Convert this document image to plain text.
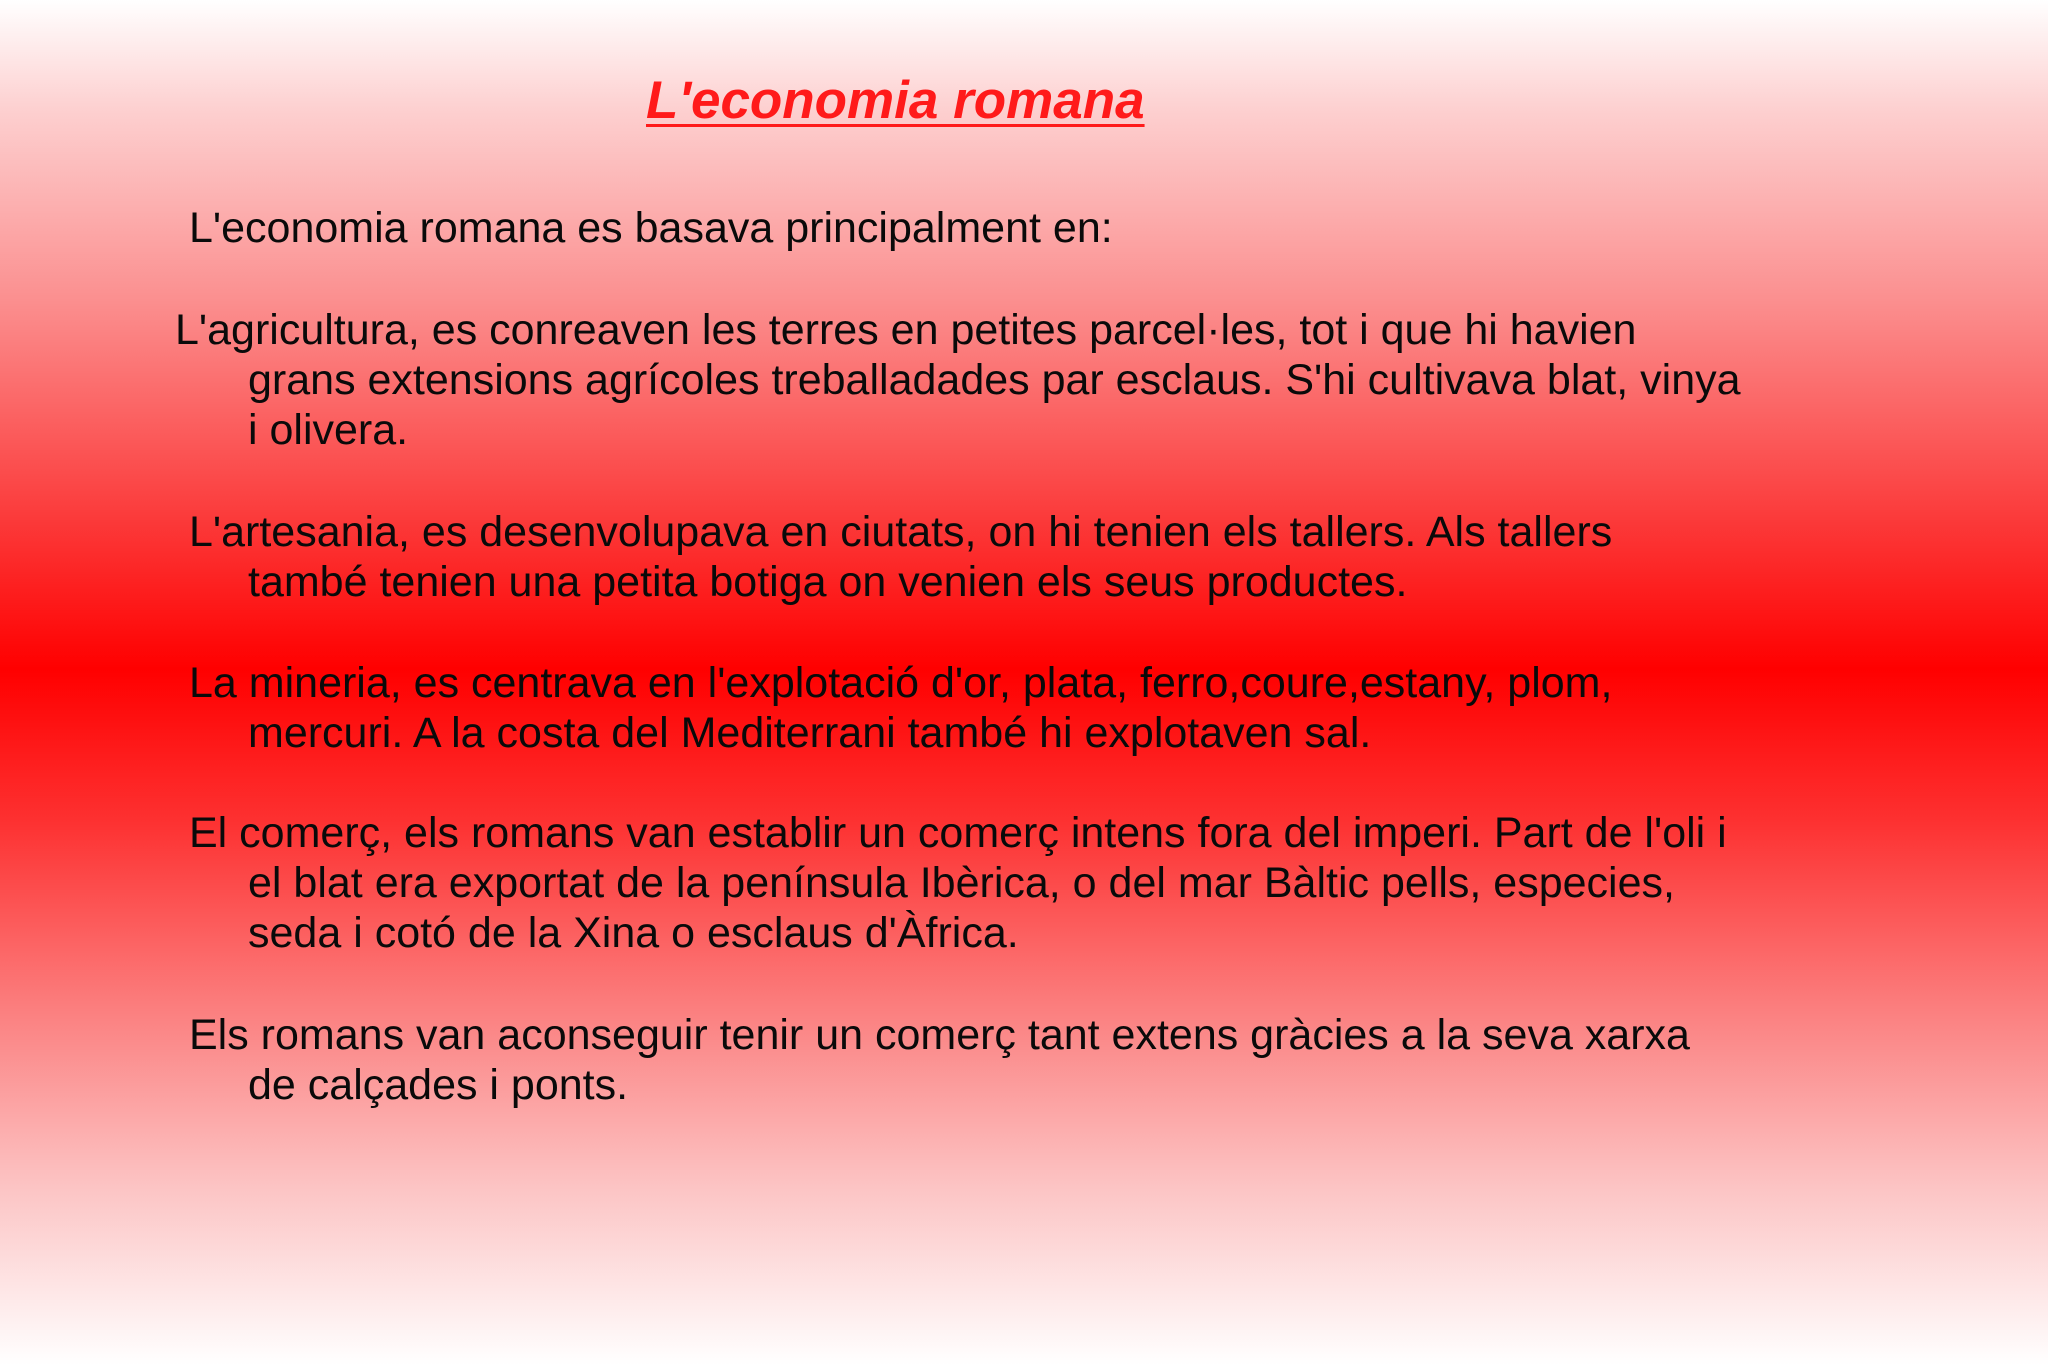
L'economia romana

L'economia romana es basava principalment en:

L'agricultura, es conreaven les terres en petites parcel·les, tot i que hi havien
grans extensions agrícoles treballadades par esclaus. S'hi cultivava blat, vinya
i olivera.

L'artesania, es desenvolupava en ciutats, on hi tenien els tallers. Als tallers
també tenien una petita botiga on venien els seus productes.

La mineria, es centrava en l'explotació d'or, plata, ferro,coure,estany, plom,
mercuri. A la costa del Mediterrani també hi explotaven sal.

El comerç, els romans van establir un comerç intens fora del imperi. Part de l'oli i
el blat era exportat de la península Ibèrica, o del mar Bàltic pells, especies,
seda i cotó de la Xina o esclaus d'Àfrica.

Els romans van aconseguir tenir un comerç tant extens gràcies a la seva xarxa
de calçades i ponts.
